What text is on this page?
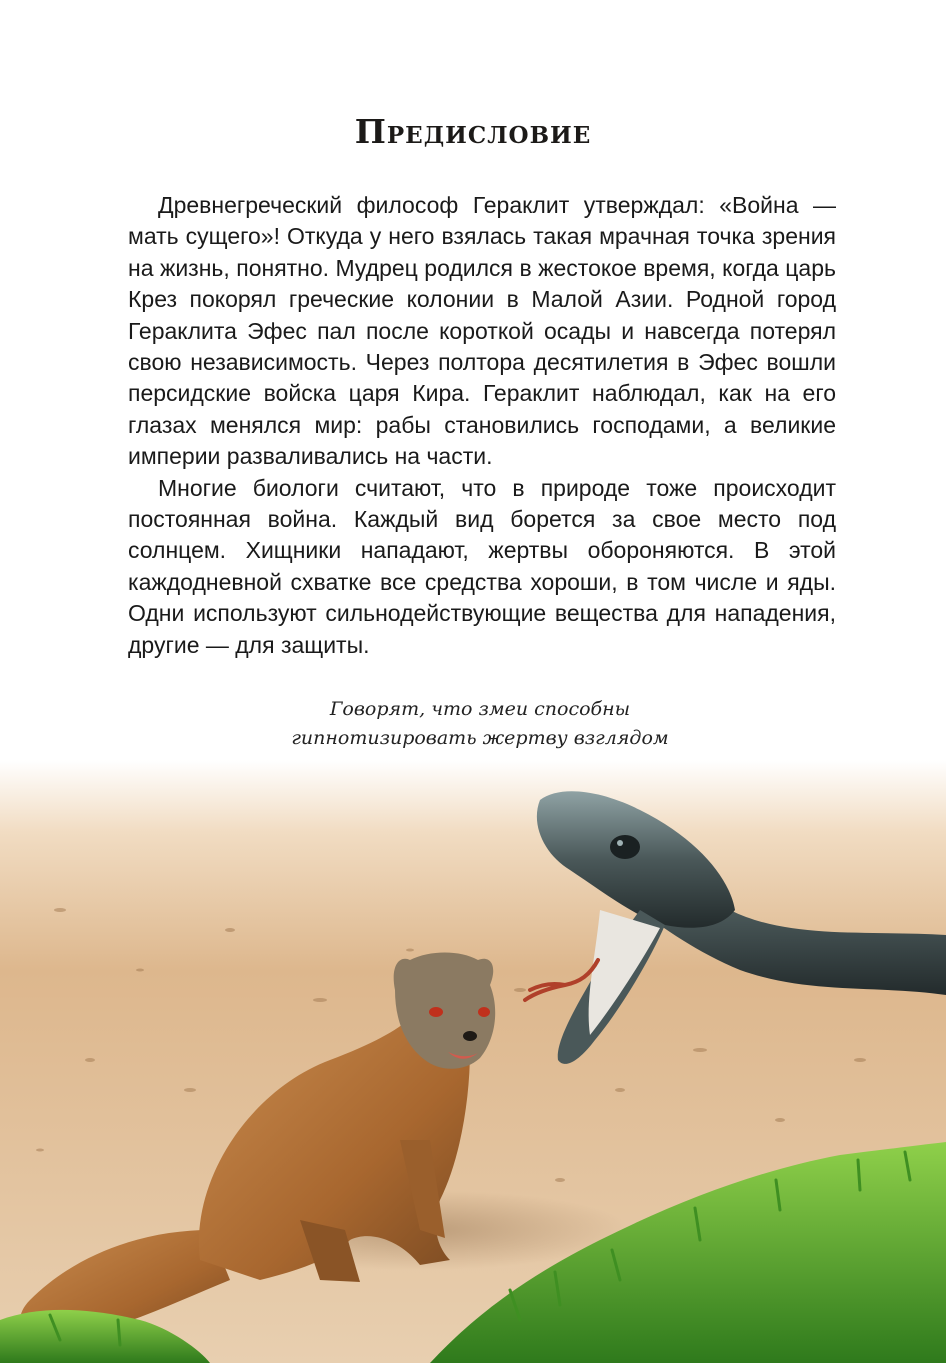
Предисловие

Древнегреческий философ Гераклит утверждал: «Война — мать сущего»! Откуда у него взялась такая мрачная точка зрения на жизнь, понятно. Мудрец родился в жестокое время, когда царь Крез покорял греческие колонии в Малой Азии. Родной город Гераклита Эфес пал после короткой осады и навсегда потерял свою независимость. Через полтора десятилетия в Эфес вошли персидские войска царя Кира. Гераклит наблюдал, как на его глазах менялся мир: рабы становились господами, а великие империи разваливались на части.

Многие биологи считают, что в природе тоже происходит постоянная война. Каждый вид борется за свое место под солнцем. Хищники нападают, жертвы обороняются. В этой каждодневной схватке все средства хороши, в том числе и яды. Одни используют сильнодействующие вещества для нападения, другие — для защиты.

Говорят, что змеи способны
гипнотизировать жертву взглядом
